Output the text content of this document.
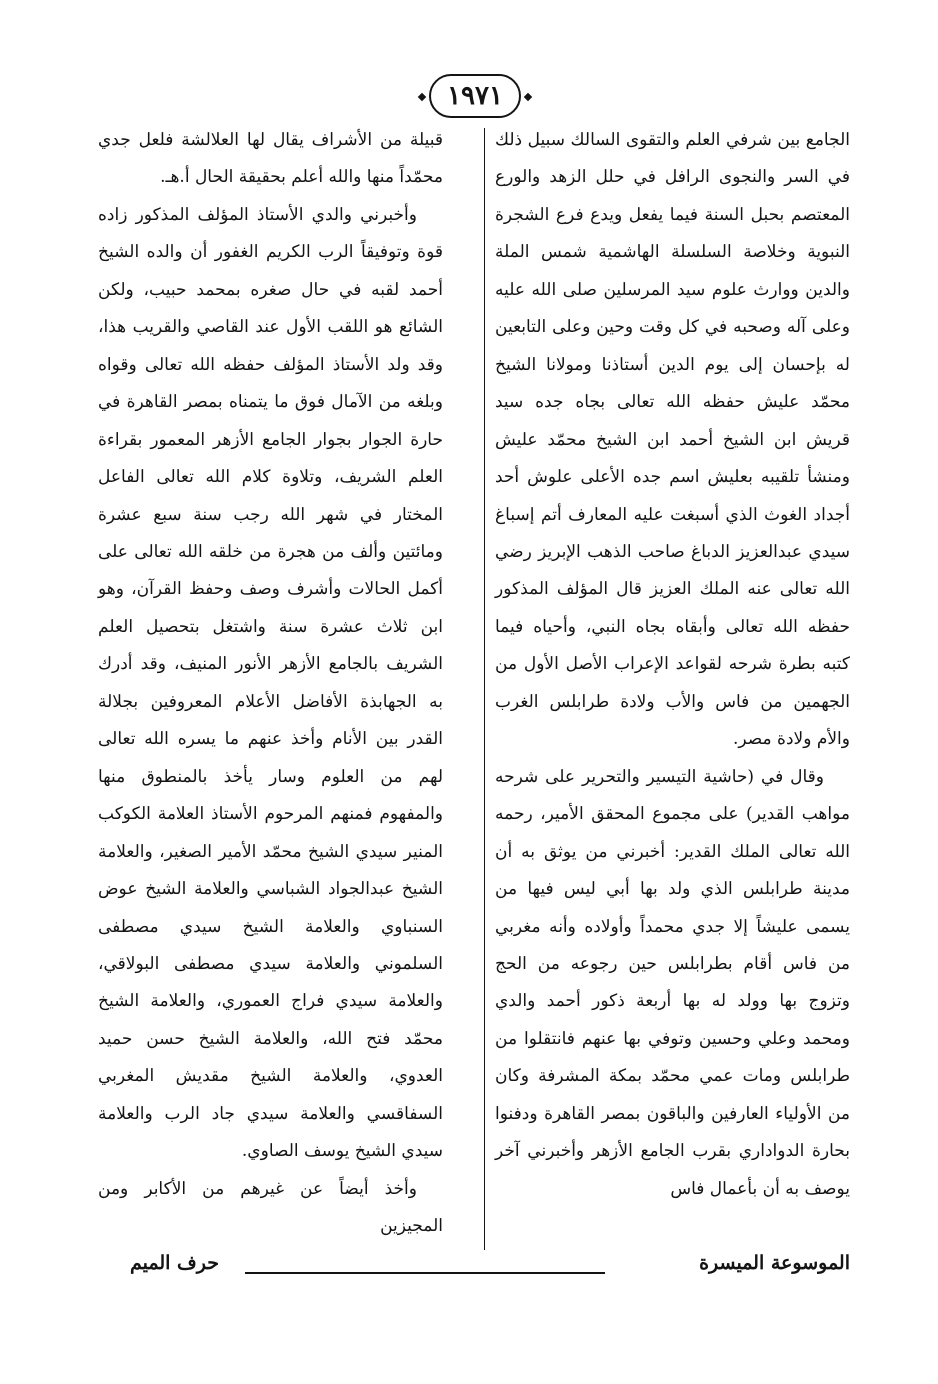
١٩٧١

الجامع بين شرفي العلم والتقوى السالك سبيل ذلك في السر والنجوى الرافل في حلل الزهد والورع المعتصم بحبل السنة فيما يفعل ويدع فرع الشجرة النبوية وخلاصة السلسلة الهاشمية شمس الملة والدين ووارث علوم سيد المرسلين صلى الله عليه وعلى آله وصحبه في كل وقت وحين وعلى التابعين له بإحسان إلى يوم الدين أستاذنا ومولانا الشيخ محمّد عليش حفظه الله تعالى بجاه جده سيد قريش ابن الشيخ أحمد ابن الشيخ محمّد عليش ومنشأ تلقيبه بعليش اسم جده الأعلى علوش أحد أجداد الغوث الذي أسبغت عليه المعارف أتم إسباغ سيدي عبدالعزيز الدباغ صاحب الذهب الإبريز رضي الله تعالى عنه الملك العزيز قال المؤلف المذكور حفظه الله تعالى وأبقاه بجاه النبي، وأحياه فيما كتبه بطرة شرحه لقواعد الإعراب الأصل الأول من الجهمين من فاس والأب ولادة طرابلس الغرب والأم ولادة مصر.

وقال في (حاشية التيسير والتحرير على شرحه مواهب القدير) على مجموع المحقق الأمير، رحمه الله تعالى الملك القدير: أخبرني من يوثق به أن مدينة طرابلس الذي ولد بها أبي ليس فيها من يسمى عليشاً إلا جدي محمداً وأولاده وأنه مغربي من فاس أقام بطرابلس حين رجوعه من الحج وتزوج بها وولد له بها أربعة ذكور أحمد والدي ومحمد وعلي وحسين وتوفي بها عنهم فانتقلوا من طرابلس ومات عمي محمّد بمكة المشرفة وكان من الأولياء العارفين والباقون بمصر القاهرة ودفنوا بحارة الدواداري بقرب الجامع الأزهر وأخبرني آخر يوصف به أن بأعمال فاس

قبيلة من الأشراف يقال لها العلالشة فلعل جدي محمّداً منها والله أعلم بحقيقة الحال أ.هـ.

وأخبرني والدي الأستاذ المؤلف المذكور زاده قوة وتوفيقاً الرب الكريم الغفور أن والده الشيخ أحمد لقبه في حال صغره بمحمد حبيب، ولكن الشائع هو اللقب الأول عند القاصي والقريب هذا، وقد ولد الأستاذ المؤلف حفظه الله تعالى وقواه وبلغه من الآمال فوق ما يتمناه بمصر القاهرة في حارة الجوار بجوار الجامع الأزهر المعمور بقراءة العلم الشريف، وتلاوة كلام الله تعالى الفاعل المختار في شهر الله رجب سنة سبع عشرة ومائتين وألف من هجرة من خلقه الله تعالى على أكمل الحالات وأشرف وصف وحفظ القرآن، وهو ابن ثلاث عشرة سنة واشتغل بتحصيل العلم الشريف بالجامع الأزهر الأنور المنيف، وقد أدرك به الجهابذة الأفاضل الأعلام المعروفين بجلالة القدر بين الأنام وأخذ عنهم ما يسره الله تعالى لهم من العلوم وسار يأخذ بالمنطوق منها والمفهوم فمنهم المرحوم الأستاذ العلامة الكوكب المنير سيدي الشيخ محمّد الأمير الصغير، والعلامة الشيخ عبدالجواد الشباسي والعلامة الشيخ عوض السنباوي والعلامة الشيخ سيدي مصطفى السلموني والعلامة سيدي مصطفى البولاقي، والعلامة سيدي فراج العموري، والعلامة الشيخ محمّد فتح الله، والعلامة الشيخ حسن حميد العدوي، والعلامة الشيخ مقديش المغربي السفاقسي والعلامة سيدي جاد الرب والعلامة سيدي الشيخ يوسف الصاوي.

وأخذ أيضاً عن غيرهم من الأكابر ومن المجيزين

الموسوعة الميسرة
حرف الميم
